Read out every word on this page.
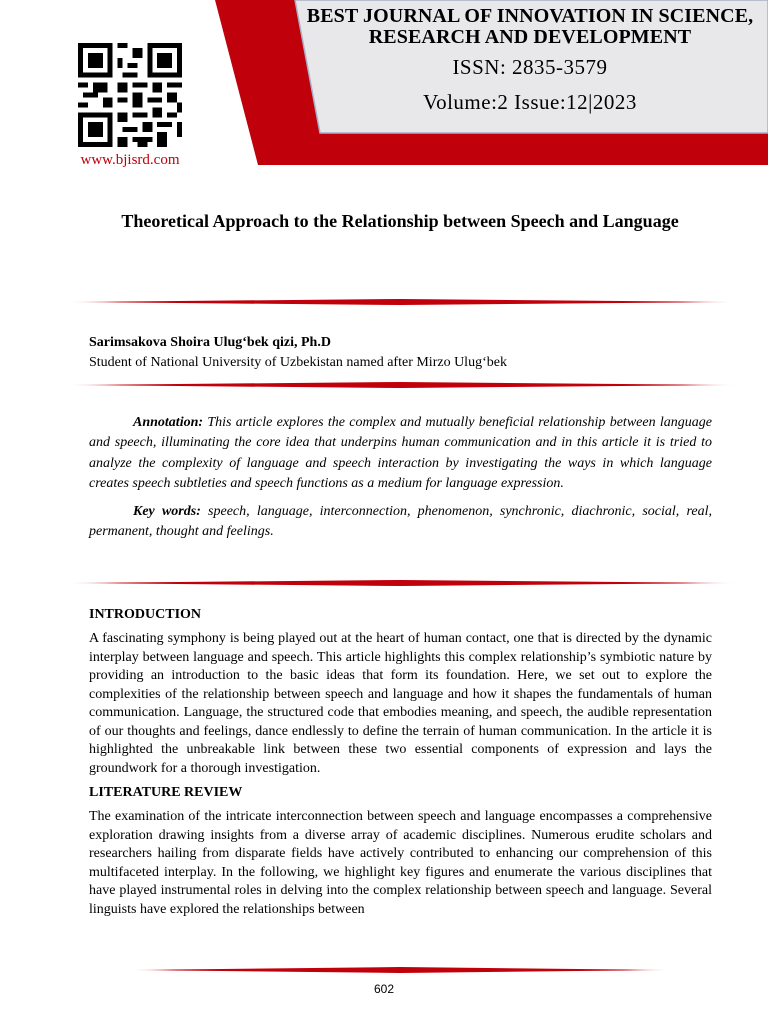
BEST JOURNAL OF INNOVATION IN SCIENCE, RESEARCH AND DEVELOPMENT
ISSN: 2835-3579
Volume:2 Issue:12|2023
www.bjisrd.com
Theoretical Approach to the Relationship between Speech and Language
Sarimsakova Shoira Ulug‘bek qizi, Ph.D
Student of National University of Uzbekistan named after Mirzo Ulug‘bek

Annotation: This article explores the complex and mutually beneficial relationship between language and speech, illuminating the core idea that underpins human communication and in this article it is tried to analyze the complexity of language and speech interaction by investigating the ways in which language creates speech subtleties and speech functions as a medium for language expression.

Key words: speech, language, interconnection, phenomenon, synchronic, diachronic, social, real, permanent, thought and feelings.

INTRODUCTION

A fascinating symphony is being played out at the heart of human contact, one that is directed by the dynamic interplay between language and speech. This article highlights this complex relationship’s symbiotic nature by providing an introduction to the basic ideas that form its foundation. Here, we set out to explore the complexities of the relationship between speech and language and how it shapes the fundamentals of human communication. Language, the structured code that embodies meaning, and speech, the audible representation of our thoughts and feelings, dance endlessly to define the terrain of human communication. In the article it is highlighted the unbreakable link between these two essential components of expression and lays the groundwork for a thorough investigation.

LITERATURE REVIEW

The examination of the intricate interconnection between speech and language encompasses a comprehensive exploration drawing insights from a diverse array of academic disciplines. Numerous erudite scholars and researchers hailing from disparate fields have actively contributed to enhancing our comprehension of this multifaceted interplay. In the following, we highlight key figures and enumerate the various disciplines that have played instrumental roles in delving into the complex relationship between speech and language. Several linguists have explored the relationships between

602
